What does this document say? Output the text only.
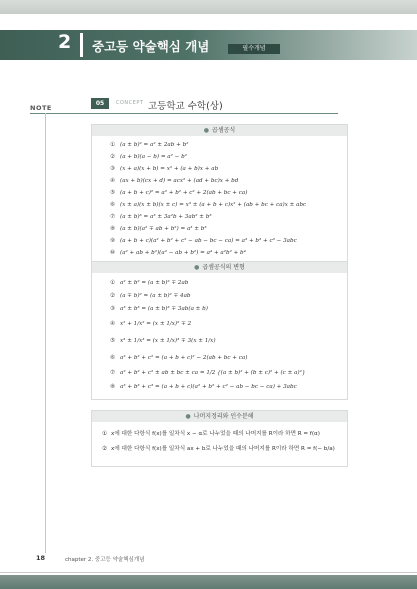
2 중고등 약술핵심 개념	필수개념
NOTE
05	CONCEPT 고등학교 수학(상)
● 곱셈공식
① (a ± b)² = a² ± 2ab + b²
② (a + b)(a − b) = a² − b²
③ (x + a)(x + b) = x² + (a + b)x + ab
④ (ax + b)(cx + d) = acx² + (ad + bc)x + bd
⑤ (a + b + c)² = a² + b² + c² + 2(ab + bc + ca)
⑥ (x ± a)(x ± b)(x ± c) = x³ ± (a + b + c)x² + (ab + bc + ca)x ± abc
⑦ (a ± b)³ = a³ ± 3a²b + 3ab² ± b³
⑧ (a ± b)(a² ∓ ab + b²) = a³ ± b³
⑨ (a + b + c)(a² + b² + c² − ab − bc − ca) = a³ + b³ + c³ − 3abc
⑩ (a² + ab + b²)(a² − ab + b²) = a⁴ + a²b² + b⁴
● 곱셈공식의 변형
① a² ± b² = (a ± b)² ∓ 2ab
② (a ∓ b)² = (a ± b)² ∓ 4ab
③ a³ ± b³ = (a ± b)³ ∓ 3ab(a ± b)
④ x² + 1/x² = (x ± 1/x)² ∓ 2
⑤ x³ ± 1/x³ = (x ± 1/x)³ ∓ 3(x ± 1/x)
⑥ a² + b² + c² = (a + b + c)² − 2(ab + bc + ca)
⑦ a² + b² + c² ± ab ± bc ± ca = 1/2 {(a ± b)² + (b ± c)² + (c ± a)²}
⑧ a³ + b³ + c³ = (a + b + c)(a² + b² + c² − ab − bc − ca) + 3abc
● 나머지정리와 인수분해
① x에 대한 다항식 f(x)를 일차식 x − α로 나누었을 때의 나머지를 R이라 하면 R = f(α)
② x에 대한 다항식 f(x)를 일차식 ax + b로 나누었을 때의 나머지를 R이라 하면 R = f(− b/a)
18	chapter 2. 중고등 약술핵심개념
